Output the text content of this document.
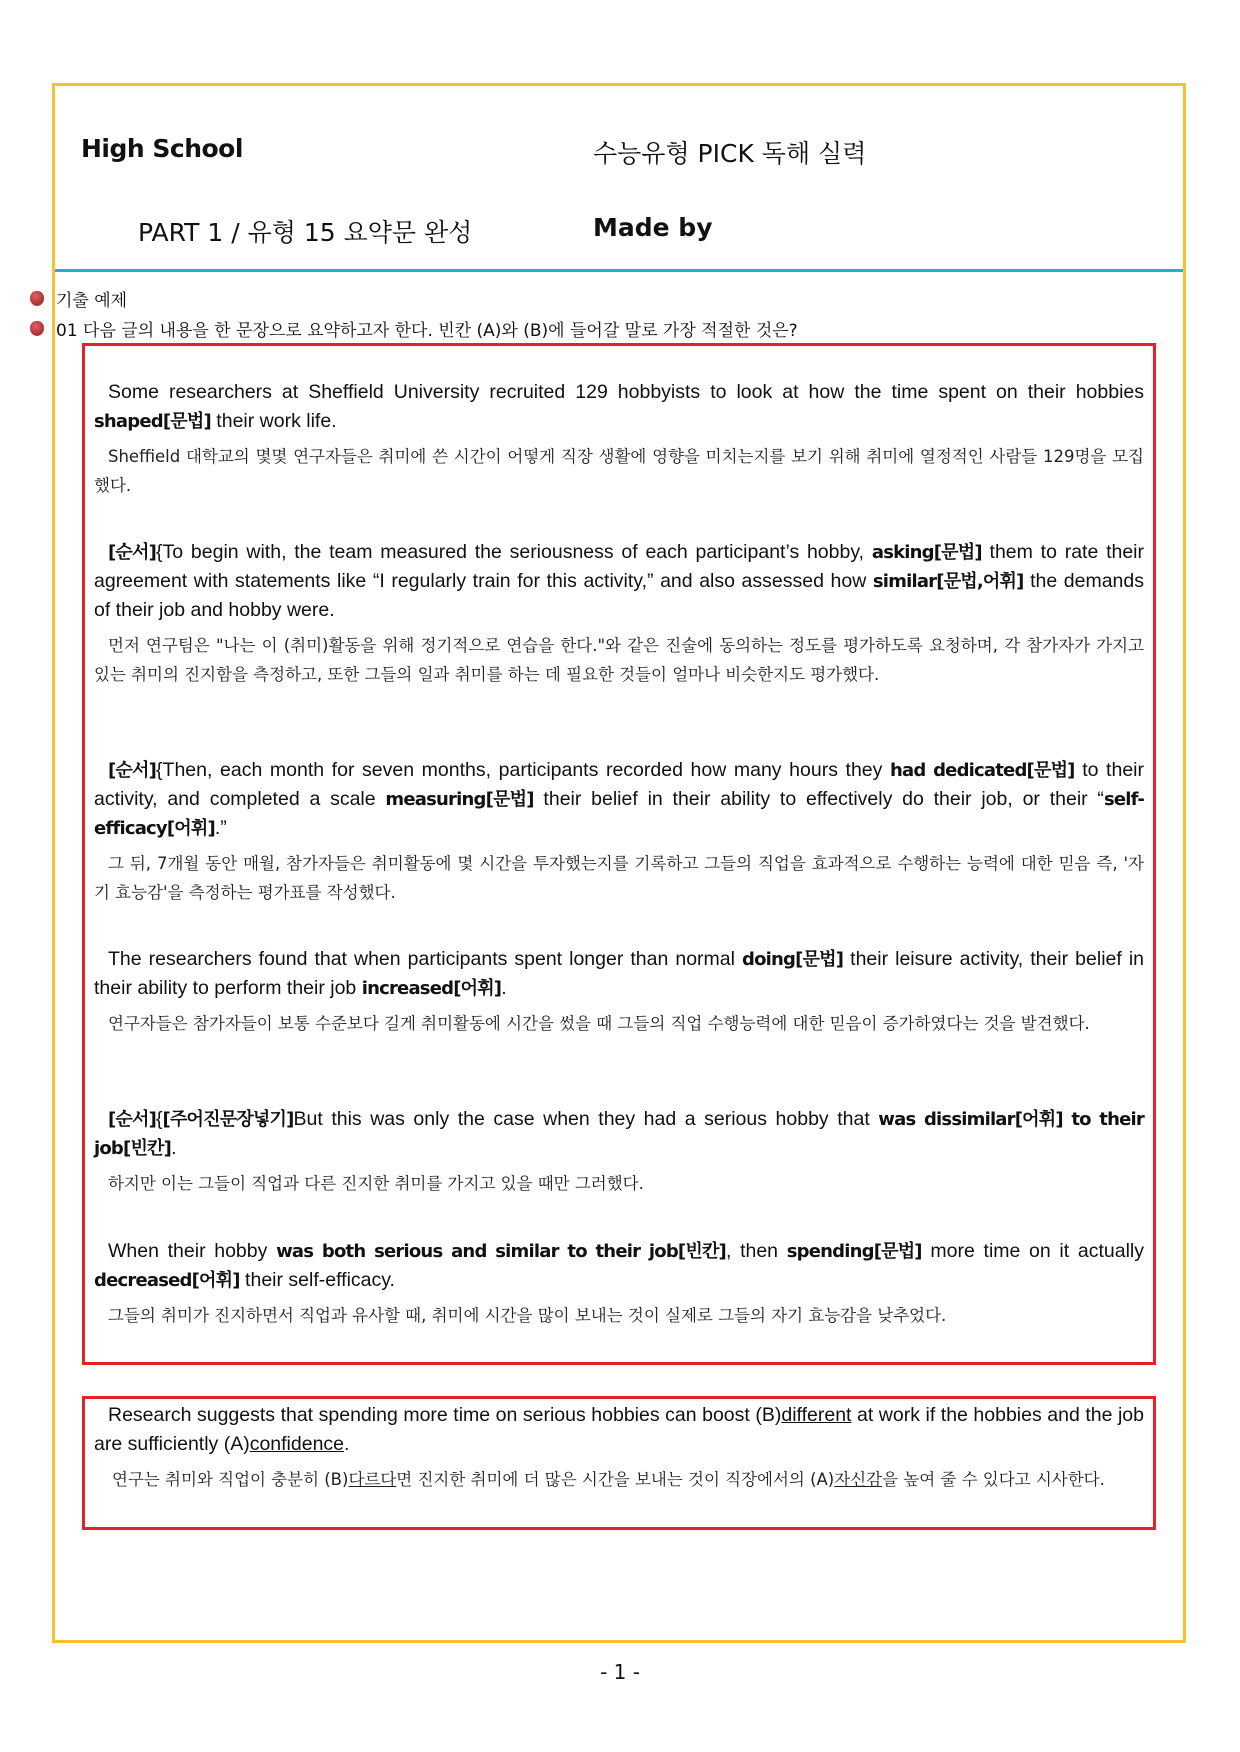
High School	수능유형 PICK 독해 실력
PART 1 / 유형 15 요약문 완성	Made by
기출 예제
01 다음 글의 내용을 한 문장으로 요약하고자 한다. 빈칸 (A)와 (B)에 들어갈 말로 가장 적절한 것은?

Some researchers at Sheffield University recruited 129 hobbyists to look at how the time spent on their hobbies shaped[문법] their work life.

Sheffield 대학교의 몇몇 연구자들은 취미에 쓴 시간이 어떻게 직장 생활에 영향을 미치는지를 보기 위해 취미에 열정적인 사람들 129명을 모집했다.

[순서]{To begin with, the team measured the seriousness of each participant’s hobby, asking[문법] them to rate their agreement with statements like “I regularly train for this activity,” and also assessed how similar[문법,어휘] the demands of their job and hobby were.

먼저 연구팀은 "나는 이 (취미)활동을 위해 정기적으로 연습을 한다."와 같은 진술에 동의하는 정도를 평가하도록 요청하며, 각 참가자가 가지고 있는 취미의 진지함을 측정하고, 또한 그들의 일과 취미를 하는 데 필요한 것들이 얼마나 비슷한지도 평가했다.

[순서]{Then, each month for seven months, participants recorded how many hours they had dedicated[문법] to their activity, and completed a scale measuring[문법] their belief in their ability to effectively do their job, or their “self-efficacy[어휘].”

그 뒤, 7개월 동안 매월, 참가자들은 취미활동에 몇 시간을 투자했는지를 기록하고 그들의 직업을 효과적으로 수행하는 능력에 대한 믿음 즉, '자기 효능감'을 측정하는 평가표를 작성했다.

The researchers found that when participants spent longer than normal doing[문법] their leisure activity, their belief in their ability to perform their job increased[어휘].

연구자들은 참가자들이 보통 수준보다 길게 취미활동에 시간을 썼을 때 그들의 직업 수행능력에 대한 믿음이 증가하였다는 것을 발견했다.

[순서]{[주어진문장넣기]But this was only the case when they had a serious hobby that was dissimilar[어휘] to their job[빈칸].

하지만 이는 그들이 직업과 다른 진지한 취미를 가지고 있을 때만 그러했다.

When their hobby was both serious and similar to their job[빈칸], then spending[문법] more time on it actually decreased[어휘] their self-efficacy.

그들의 취미가 진지하면서 직업과 유사할 때, 취미에 시간을 많이 보내는 것이 실제로 그들의 자기 효능감을 낮추었다.

Research suggests that spending more time on serious hobbies can boost (B)different at work if the hobbies and the job are sufficiently (A)confidence.

연구는 취미와 직업이 충분히 (B)다르다면 진지한 취미에 더 많은 시간을 보내는 것이 직장에서의 (A)자신감을 높여 줄 수 있다고 시사한다.

- 1 -
